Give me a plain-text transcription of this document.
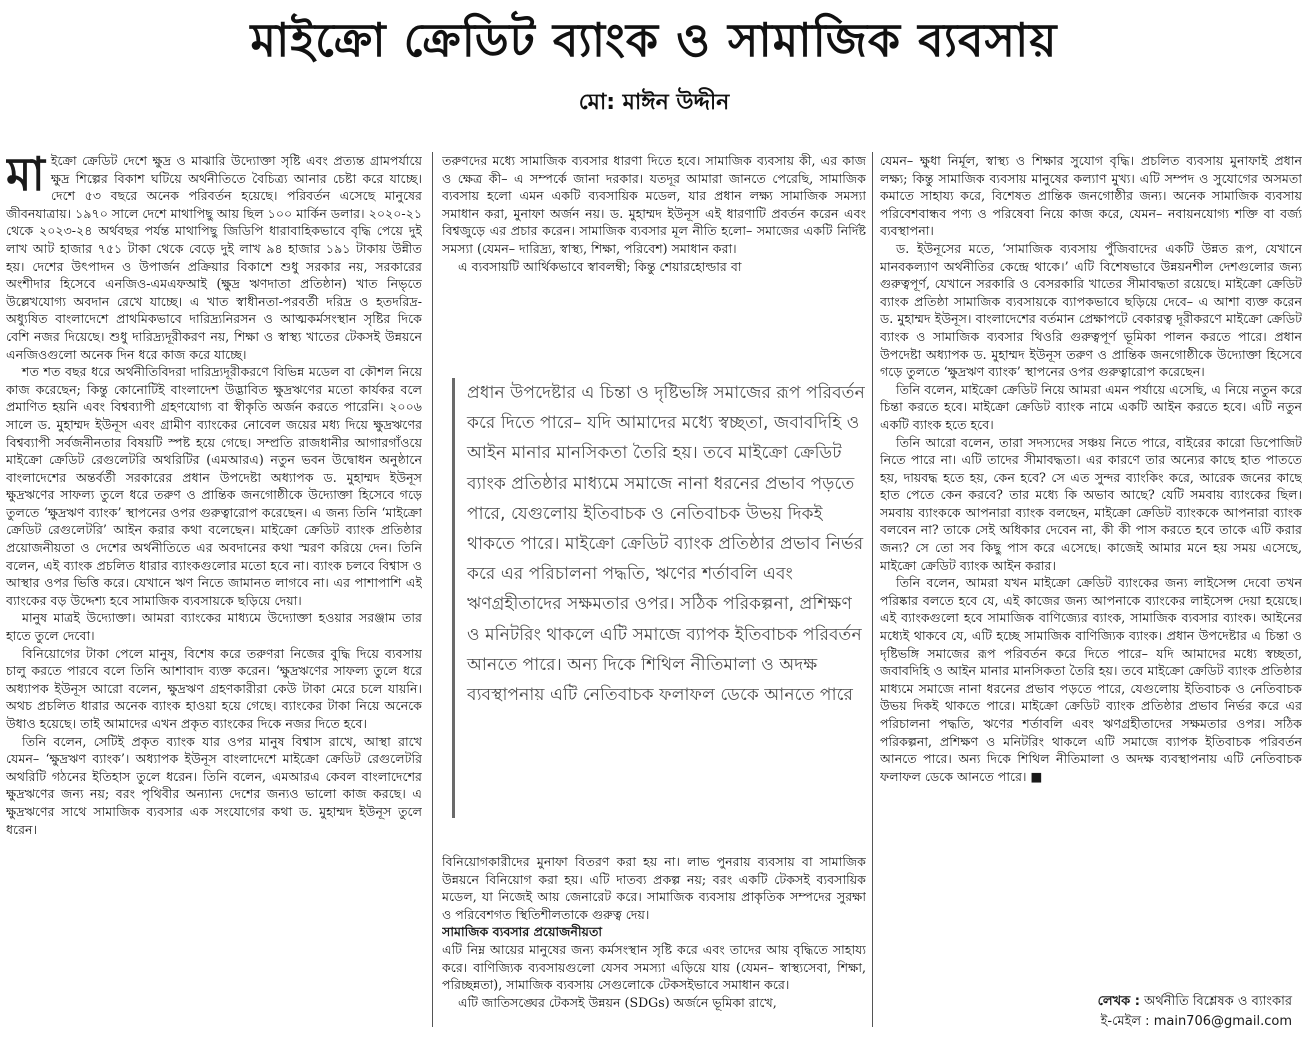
মাইক্রো ক্রেডিট ব্যাংক ও সামাজিক ব্যবসায়
মো: মাঈন উদ্দীন

মাইক্রো ক্রেডিট দেশে ক্ষুদ্র ও মাঝারি উদ্যোক্তা সৃষ্টি এবং প্রত্যন্ত গ্রামপর্যায়ে ক্ষুদ্র শিল্পের বিকাশ ঘটিয়ে অর্থনীতিতে বৈচিত্র্য আনার চেষ্টা করে যাচ্ছে। দেশে ৫৩ বছরে অনেক পরিবর্তন হয়েছে। পরিবর্তন এসেছে মানুষের জীবনযাত্রায়। ১৯৭০ সালে দেশে মাথাপিছু আয় ছিল ১০০ মার্কিন ডলার। ২০২০-২১ থেকে ২০২৩-২৪ অর্থবছর পর্যন্ত মাথাপিছু জিডিপি ধারাবাহিকভাবে বৃদ্ধি পেয়ে দুই লাখ আট হাজার ৭৫১ টাকা থেকে বেড়ে দুই লাখ ৯৪ হাজার ১৯১ টাকায় উন্নীত হয়। দেশের উৎপাদন ও উপার্জন প্রক্রিয়ার বিকাশে শুধু সরকার নয়, সরকারের অংশীদার হিসেবে এনজিও-এমএফআই (ক্ষুদ্র ঋণদাতা প্রতিষ্ঠান) খাত নিভৃতে উল্লেখযোগ্য অবদান রেখে যাচ্ছে। এ খাত স্বাধীনতা-পরবর্তী দরিদ্র ও হতদরিদ্র-অধ্যুষিত বাংলাদেশে প্রাথমিকভাবে দারিদ্র্যনিরসন ও আত্মকর্মসংস্থান সৃষ্টির দিকে বেশি নজর দিয়েছে। শুধু দারিদ্র্যদূরীকরণ নয়, শিক্ষা ও স্বাস্থ্য খাতের টেকসই উন্নয়নে এনজিওগুলো অনেক দিন ধরে কাজ করে যাচ্ছে।

শত শত বছর ধরে অর্থনীতিবিদরা দারিদ্র্যদূরীকরণে বিভিন্ন মডেল বা কৌশল নিয়ে কাজ করেছেন; কিন্তু কোনোটিই বাংলাদেশ উদ্ভাবিত ক্ষুদ্রঋণের মতো কার্যকর বলে প্রমাণিত হয়নি এবং বিশ্বব্যাপী গ্রহণযোগ্য বা স্বীকৃতি অর্জন করতে পারেনি। ২০০৬ সালে ড. মুহাম্মদ ইউনূস এবং গ্রামীণ ব্যাংকের নোবেল জয়ের মধ্য দিয়ে ক্ষুদ্রঋণের বিশ্বব্যাপী সর্বজনীনতার বিষয়টি স্পষ্ট হয়ে গেছে। সম্প্রতি রাজধানীর আগারগাঁওয়ে মাইক্রো ক্রেডিট রেগুলেটরি অথরিটির (এমআরএ) নতুন ভবন উদ্বোধন অনুষ্ঠানে বাংলাদেশের অন্তর্বর্তী সরকারের প্রধান উপদেষ্টা অধ্যাপক ড. মুহাম্মদ ইউনূস ক্ষুদ্রঋণের সাফল্য তুলে ধরে তরুণ ও প্রান্তিক জনগোষ্ঠীকে উদ্যোক্তা হিসেবে গড়ে তুলতে ‘ক্ষুদ্রঋণ ব্যাংক’ স্থাপনের ওপর গুরুত্বারোপ করেছেন। এ জন্য তিনি ‘মাইক্রো ক্রেডিট রেগুলেটরি’ আইন করার কথা বলেছেন। মাইক্রো ক্রেডিট ব্যাংক প্রতিষ্ঠার প্রয়োজনীয়তা ও দেশের অর্থনীতিতে এর অবদানের কথা স্মরণ করিয়ে দেন। তিনি বলেন, এই ব্যাংক প্রচলিত ধারার ব্যাংকগুলোর মতো হবে না। ব্যাংক চলবে বিশ্বাস ও আস্থার ওপর ভিত্তি করে। যেখানে ঋণ নিতে জামানত লাগবে না। এর পাশাপাশি এই ব্যাংকের বড় উদ্দেশ্য হবে সামাজিক ব্যবসায়কে ছড়িয়ে দেয়া।

মানুষ মাত্রই উদ্যোক্তা। আমরা ব্যাংকের মাধ্যমে উদ্যোক্তা হওয়ার সরঞ্জাম তার হাতে তুলে দেবো।

বিনিয়োগের টাকা পেলে মানুষ, বিশেষ করে তরুণরা নিজের বুদ্ধি দিয়ে ব্যবসায় চালু করতে পারবে বলে তিনি আশাবাদ ব্যক্ত করেন। ‘ক্ষুদ্রঋণের সাফল্য তুলে ধরে অধ্যাপক ইউনূস আরো বলেন, ক্ষুদ্রঋণ গ্রহণকারীরা কেউ টাকা মেরে চলে যায়নি। অথচ প্রচলিত ধারার অনেক ব্যাংক হাওয়া হয়ে গেছে। ব্যাংকের টাকা নিয়ে অনেকে উধাও হয়েছে। তাই আমাদের এখন প্রকৃত ব্যাংকের দিকে নজর দিতে হবে।

তিনি বলেন, সেটিই প্রকৃত ব্যাংক যার ওপর মানুষ বিশ্বাস রাখে, আস্থা রাখে যেমন– ‘ক্ষুদ্রঋণ ব্যাংক’। অধ্যাপক ইউনূস বাংলাদেশে মাইক্রো ক্রেডিট রেগুলেটরি অথরিটি গঠনের ইতিহাস তুলে ধরেন। তিনি বলেন, এমআরএ কেবল বাংলাদেশের ক্ষুদ্রঋণের জন্য নয়; বরং পৃথিবীর অন্যান্য দেশের জন্যও ভালো কাজ করছে। এ ক্ষুদ্রঋণের সাথে সামাজিক ব্যবসার এক সংযোগের কথা ড. মুহাম্মদ ইউনূস তুলে ধরেন।

তরুণদের মধ্যে সামাজিক ব্যবসার ধারণা দিতে হবে। সামাজিক ব্যবসায় কী, এর কাজ ও ক্ষেত্র কী– এ সম্পর্কে জানা দরকার। যতদূর আমারা জানতে পেরেছি, সামাজিক ব্যবসায় হলো এমন একটি ব্যবসায়িক মডেল, যার প্রধান লক্ষ্য সামাজিক সমস্যা সমাধান করা, মুনাফা অর্জন নয়। ড. মুহাম্মদ ইউনূস এই ধারণাটি প্রবর্তন করেন এবং বিশ্বজুড়ে এর প্রচার করেন। সামাজিক ব্যবসার মূল নীতি হলো– সমাজের একটি নির্দিষ্ট সমস্যা (যেমন– দারিদ্র্য, স্বাস্থ্য, শিক্ষা, পরিবেশ) সমাধান করা।

এ ব্যবসায়টি আর্থিকভাবে স্বাবলম্বী; কিন্তু শেয়ারহোল্ডার বা

প্রধান উপদেষ্টার এ চিন্তা ও দৃষ্টিভঙ্গি সমাজের রূপ পরিবর্তন করে দিতে পারে– যদি আমাদের মধ্যে স্বচ্ছতা, জবাবদিহি ও আইন মানার মানসিকতা তৈরি হয়। তবে মাইক্রো ক্রেডিট ব্যাংক প্রতিষ্ঠার মাধ্যমে সমাজে নানা ধরনের প্রভাব পড়তে পারে, যেগুলোয় ইতিবাচক ও নেতিবাচক উভয় দিকই থাকতে পারে। মাইক্রো ক্রেডিট ব্যাংক প্রতিষ্ঠার প্রভাব নির্ভর করে এর পরিচালনা পদ্ধতি, ঋণের শর্তাবলি এবং ঋণগ্রহীতাদের সক্ষমতার ওপর। সঠিক পরিকল্পনা, প্রশিক্ষণ ও মনিটরিং থাকলে এটি সমাজে ব্যাপক ইতিবাচক পরিবর্তন আনতে পারে। অন্য দিকে শিথিল নীতিমালা ও অদক্ষ ব্যবস্থাপনায় এটি নেতিবাচক ফলাফল ডেকে আনতে পারে

বিনিয়োগকারীদের মুনাফা বিতরণ করা হয় না। লাভ পুনরায় ব্যবসায় বা সামাজিক উন্নয়নে বিনিয়োগ করা হয়। এটি দাতব্য প্রকল্প নয়; বরং একটি টেকসই ব্যবসায়িক মডেল, যা নিজেই আয় জেনারেট করে। সামাজিক ব্যবসায় প্রাকৃতিক সম্পদের সুরক্ষা ও পরিবেশগত স্থিতিশীলতাকে গুরুত্ব দেয়।

সামাজিক ব্যবসার প্রয়োজনীয়তা

এটি নিম্ন আয়ের মানুষের জন্য কর্মসংস্থান সৃষ্টি করে এবং তাদের আয় বৃদ্ধিতে সাহায্য করে। বাণিজ্যিক ব্যবসায়গুলো যেসব সমস্যা এড়িয়ে যায় (যেমন– স্বাস্থ্যসেবা, শিক্ষা, পরিচ্ছন্নতা), সামাজিক ব্যবসায় সেগুলোকে টেকসইভাবে সমাধান করে।

এটি জাতিসঙ্ঘের টেকসই উন্নয়ন (SDGs) অর্জনে ভূমিকা রাখে,

যেমন– ক্ষুধা নির্মূল, স্বাস্থ্য ও শিক্ষার সুযোগ বৃদ্ধি। প্রচলিত ব্যবসায় মুনাফাই প্রধান লক্ষ্য; কিন্তু সামাজিক ব্যবসায় মানুষের কল্যাণ মুখ্য। এটি সম্পদ ও সুযোগের অসমতা কমাতে সাহায্য করে, বিশেষত প্রান্তিক জনগোষ্ঠীর জন্য। অনেক সামাজিক ব্যবসায় পরিবেশবান্ধব পণ্য ও পরিষেবা নিয়ে কাজ করে, যেমন– নবায়নযোগ্য শক্তি বা বর্জ্য ব্যবস্থাপনা।

ড. ইউনূসের মতে, ‘সামাজিক ব্যবসায় পুঁজিবাদের একটি উন্নত রূপ, যেখানে মানবকল্যাণ অর্থনীতির কেন্দ্রে থাকে।’ এটি বিশেষভাবে উন্নয়নশীল দেশগুলোর জন্য গুরুত্বপূর্ণ, যেখানে সরকারি ও বেসরকারি খাতের সীমাবদ্ধতা রয়েছে। মাইক্রো ক্রেডিট ব্যাংক প্রতিষ্ঠা সামাজিক ব্যবসায়কে ব্যাপকভাবে ছড়িয়ে দেবে– এ আশা ব্যক্ত করেন ড. মুহাম্মদ ইউনূস। বাংলাদেশের বর্তমান প্রেক্ষাপটে বেকারত্ব দূরীকরণে মাইক্রো ক্রেডিট ব্যাংক ও সামাজিক ব্যবসার থিওরি গুরুত্বপূর্ণ ভূমিকা পালন করতে পারে। প্রধান উপদেষ্টা অধ্যাপক ড. মুহাম্মদ ইউনূস তরুণ ও প্রান্তিক জনগোষ্ঠীকে উদ্যোক্তা হিসেবে গড়ে তুলতে ‘ক্ষুদ্রঋণ ব্যাংক’ স্থাপনের ওপর গুরুত্বারোপ করেছেন।

তিনি বলেন, মাইক্রো ক্রেডিট নিয়ে আমরা এমন পর্যায়ে এসেছি, এ নিয়ে নতুন করে চিন্তা করতে হবে। মাইক্রো ক্রেডিট ব্যাংক নামে একটি আইন করতে হবে। এটি নতুন একটি ব্যাংক হতে হবে।

তিনি আরো বলেন, তারা সদস্যদের সঞ্চয় নিতে পারে, বাইরের কারো ডিপোজিট নিতে পারে না। এটি তাদের সীমাবদ্ধতা। এর কারণে তার অন্যের কাছে হাত পাততে হয়, দায়বদ্ধ হতে হয়, কেন হবে? সে এত সুন্দর ব্যাংকিং করে, আরেক জনের কাছে হাত পেতে কেন করবে? তার মধ্যে কি অভাব আছে? যেটি সমবায় ব্যাংকের ছিল। সমবায় ব্যাংককে আপনারা ব্যাংক বলছেন, মাইক্রো ক্রেডিট ব্যাংককে আপনারা ব্যাংক বলবেন না? তাকে সেই অধিকার দেবেন না, কী কী পাস করতে হবে তাকে এটি করার জন্য? সে তো সব কিছু পাস করে এসেছে। কাজেই আমার মনে হয় সময় এসেছে, মাইক্রো ক্রেডিট ব্যাংক আইন করার।

তিনি বলেন, আমরা যখন মাইক্রো ক্রেডিট ব্যাংকের জন্য লাইসেন্স দেবো তখন পরিষ্কার বলতে হবে যে, এই কাজের জন্য আপনাকে ব্যাংকের লাইসেন্স দেয়া হয়েছে। এই ব্যাংকগুলো হবে সামাজিক বাণিজ্যের ব্যাংক, সামাজিক ব্যবসার ব্যাংক। আইনের মধ্যেই থাকবে যে, এটি হচ্ছে সামাজিক বাণিজ্যিক ব্যাংক। প্রধান উপদেষ্টার এ চিন্তা ও দৃষ্টিভঙ্গি সমাজের রূপ পরিবর্তন করে দিতে পারে– যদি আমাদের মধ্যে স্বচ্ছতা, জবাবদিহি ও আইন মানার মানসিকতা তৈরি হয়। তবে মাইক্রো ক্রেডিট ব্যাংক প্রতিষ্ঠার মাধ্যমে সমাজে নানা ধরনের প্রভাব পড়তে পারে, যেগুলোয় ইতিবাচক ও নেতিবাচক উভয় দিকই থাকতে পারে। মাইক্রো ক্রেডিট ব্যাংক প্রতিষ্ঠার প্রভাব নির্ভর করে এর পরিচালনা পদ্ধতি, ঋণের শর্তাবলি এবং ঋণগ্রহীতাদের সক্ষমতার ওপর। সঠিক পরিকল্পনা, প্রশিক্ষণ ও মনিটরিং থাকলে এটি সমাজে ব্যাপক ইতিবাচক পরিবর্তন আনতে পারে। অন্য দিকে শিথিল নীতিমালা ও অদক্ষ ব্যবস্থাপনায় এটি নেতিবাচক ফলাফল ডেকে আনতে পারে। ■

লেখক : অর্থনীতি বিশ্লেষক ও ব্যাংকার
ই-মেইল : main706@gmail.com
